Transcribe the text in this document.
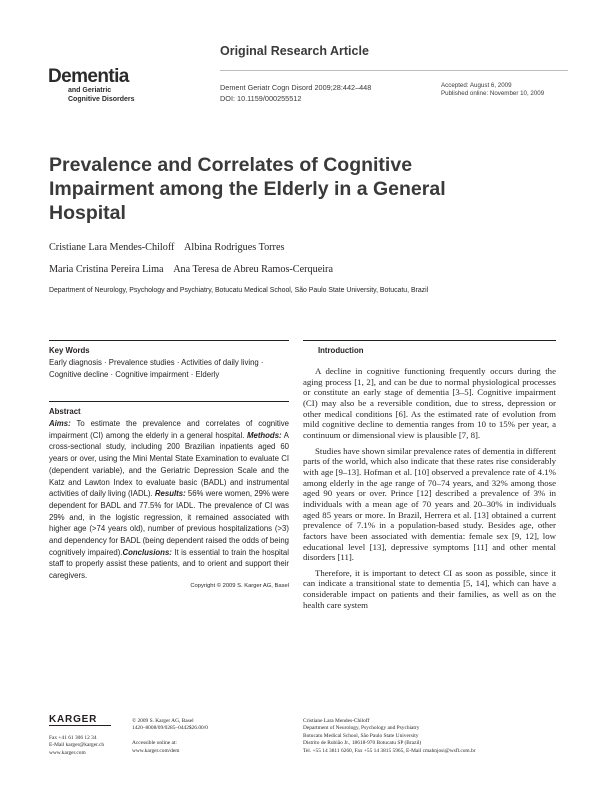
Original Research Article
Dementia
and Geriatric
Cognitive Disorders
Dement Geriatr Cogn Disord 2009;28:442–448
DOI: 10.1159/000255512
Accepted: August 6, 2009
Published online: November 10, 2009
Prevalence and Correlates of Cognitive Impairment among the Elderly in a General Hospital
Cristiane Lara Mendes-Chiloff    Albina Rodrigues Torres
Maria Cristina Pereira Lima    Ana Teresa de Abreu Ramos-Cerqueira
Department of Neurology, Psychology and Psychiatry, Botucatu Medical School, São Paulo State University, Botucatu, Brazil
Key Words
Early diagnosis · Prevalence studies · Activities of daily living · Cognitive decline · Cognitive impairment · Elderly
Abstract
Aims: To estimate the prevalence and correlates of cognitive impairment (CI) among the elderly in a general hospital. Methods: A cross-sectional study, including 200 Brazilian inpatients aged 60 years or over, using the Mini Mental State Examination to evaluate CI (dependent variable), and the Geriatric Depression Scale and the Katz and Lawton Index to evaluate basic (BADL) and instrumental activities of daily living (IADL). Results: 56% were women, 29% were dependent for BADL and 77.5% for IADL. The prevalence of CI was 29% and, in the logistic regression, it remained associated with higher age (>74 years old), number of previous hospitalizations (>3) and dependency for BADL (being dependent raised the odds of being cognitively impaired).Conclusions: It is essential to train the hospital staff to properly assist these patients, and to orient and support their caregivers.
Copyright © 2009 S. Karger AG, Basel
Introduction

A decline in cognitive functioning frequently occurs during the aging process [1, 2], and can be due to normal physiological processes or constitute an early stage of dementia [3–5]. Cognitive impairment (CI) may also be a reversible condition, due to stress, depression or other medical conditions [6]. As the estimated rate of evolution from mild cognitive decline to dementia ranges from 10 to 15% per year, a continuum or dimensional view is plausible [7, 8].

Studies have shown similar prevalence rates of dementia in different parts of the world, which also indicate that these rates rise considerably with age [9–13]. Hofman et al. [10] observed a prevalence rate of 4.1% among elderly in the age range of 70–74 years, and 32% among those aged 90 years or over. Prince [12] described a prevalence of 3% in individuals with a mean age of 70 years and 20–30% in individuals aged 85 years or more. In Brazil, Herrera et al. [13] obtained a current prevalence of 7.1% in a population-based study. Besides age, other factors have been associated with dementia: female sex [9, 12], low educational level [13], depressive symptoms [11] and other mental disorders [11].

Therefore, it is important to detect CI as soon as possible, since it can indicate a transitional state to dementia [5, 14], which can have a considerable impact on patients and their families, as well as on the health care system

KARGER
Fax +41 61 306 12 34
E-Mail karger@karger.ch
www.karger.com
© 2009 S. Karger AG, Basel
1420–8008/09/0285–0442$26.00/0

Accessible online at:
www.karger.com/dem
Cristiane Lara Mendes-Chiloff
Department of Neurology, Psychology and Psychiatry
Botucatu Medical School, São Paulo State University
Distrito de Rubião Jr., 18618-970 Botucatu SP (Brazil)
Tel. +55 14 3811 6260, Fax +55 14 3815 5965, E-Mail cmahnjosi@wsfl.com.br
